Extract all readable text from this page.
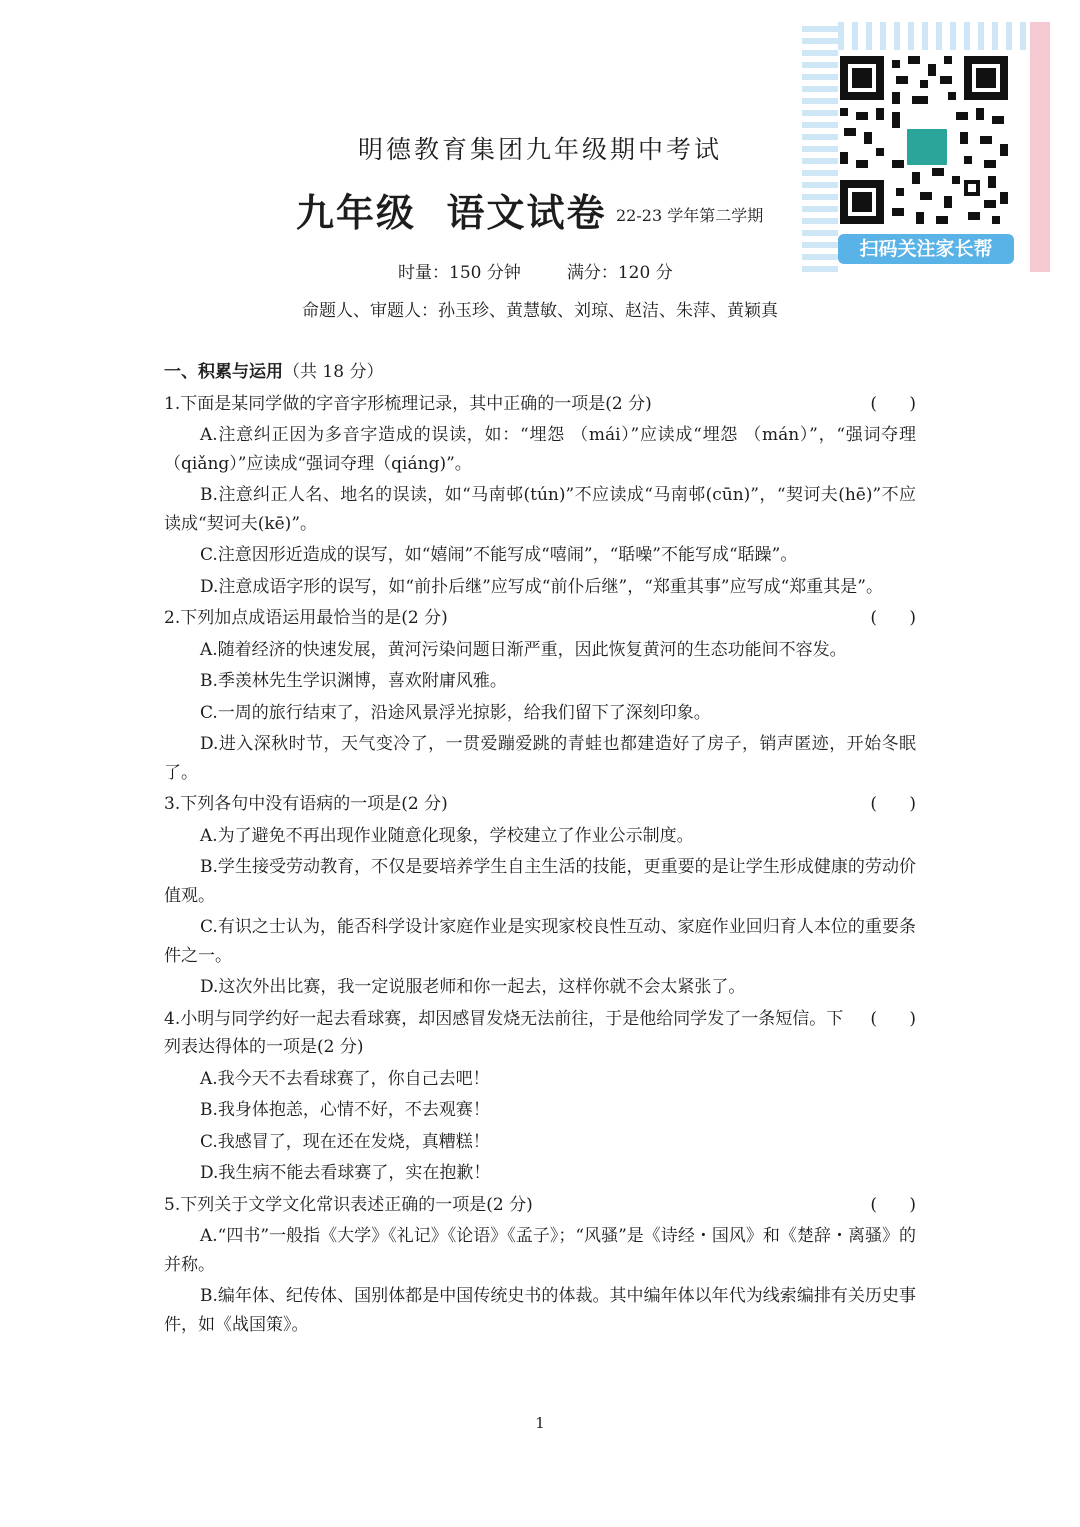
明德教育集团九年级期中考试
九年级  语文试卷 22-23 学年第二学期
时量：150 分钟	满分：120 分
命题人、审题人：孙玉珍、黄慧敏、刘琼、赵洁、朱萍、黄颖真
扫码关注家长帮
一、积累与运用（共 18 分）
1.下面是某同学做的字音字形梳理记录，其中正确的一项是(2 分)	(      )
A.注意纠正因为多音字造成的误读，如：“埋怨 （mái）”应读成“埋怨 （mán）”，“强词夺理（qiǎng）”应读成“强词夺理（qiáng)”。
B.注意纠正人名、地名的误读，如“马南邨(tún)”不应读成“马南邨(cūn)”，“契诃夫(hē)”不应读成“契诃夫(kē)”。
C.注意因形近造成的误写，如“嬉闹”不能写成“嘻闹”，“聒噪”不能写成“聒躁”。
D.注意成语字形的误写，如“前扑后继”应写成“前仆后继”，“郑重其事”应写成“郑重其是”。
2.下列加点成语运用最恰当的是(2 分)	(      )
A.随着经济的快速发展，黄河污染问题日渐严重，因此恢复黄河的生态功能间不容发。
B.季羡林先生学识渊博，喜欢附庸风雅。
C.一周的旅行结束了，沿途风景浮光掠影，给我们留下了深刻印象。
D.进入深秋时节，天气变冷了，一贯爱蹦爱跳的青蛙也都建造好了房子，销声匿迹，开始冬眠了。
3.下列各句中没有语病的一项是(2 分)	(      )
A.为了避免不再出现作业随意化现象，学校建立了作业公示制度。
B.学生接受劳动教育，不仅是要培养学生自主生活的技能，更重要的是让学生形成健康的劳动价值观。
C.有识之士认为，能否科学设计家庭作业是实现家校良性互动、家庭作业回归育人本位的重要条件之一。
D.这次外出比赛，我一定说服老师和你一起去，这样你就不会太紧张了。
4.小明与同学约好一起去看球赛，却因感冒发烧无法前往，于是他给同学发了一条短信。下列表达得体的一项是(2 分)
(      )
A.我今天不去看球赛了，你自己去吧！
B.我身体抱恙，心情不好，不去观赛！
C.我感冒了，现在还在发烧，真糟糕！
D.我生病不能去看球赛了，实在抱歉！
5.下列关于文学文化常识表述正确的一项是(2 分)	(      )
A.“四书”一般指《大学》《礼记》《论语》《孟子》；“风骚”是《诗经・国风》和《楚辞・离骚》的并称。
B.编年体、纪传体、国别体都是中国传统史书的体裁。其中编年体以年代为线索编排有关历史事件，如《战国策》。
1
